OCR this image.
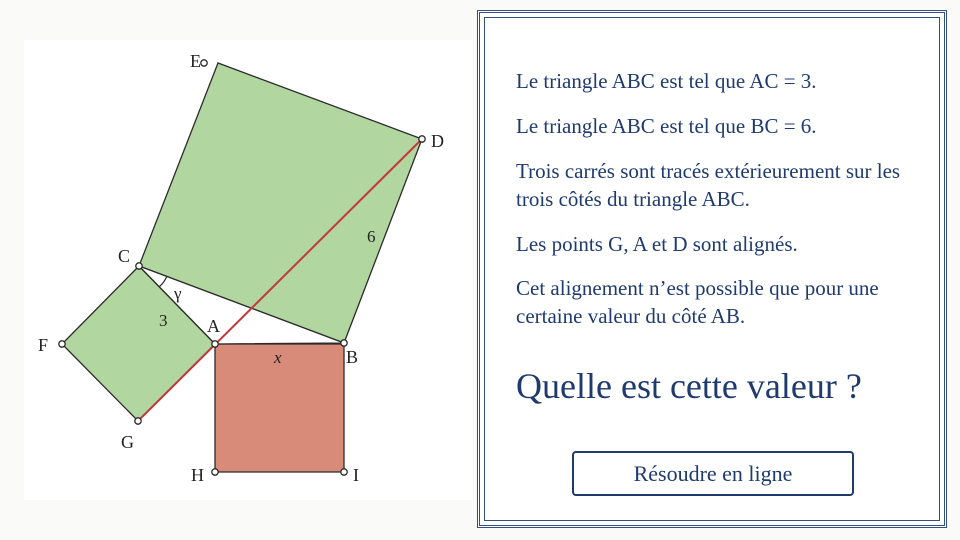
E
D
C
A
B
F
G
H	I
6
3
γ
x

Le triangle ABC est tel que AC = 3.

Le triangle ABC est tel que BC = 6.

Trois carrés sont tracés extérieurement sur les trois côtés du triangle ABC.

Les points G, A et D sont alignés.

Cet alignement n’est possible que pour une certaine valeur du côté AB.

Quelle est cette valeur ?
Résoudre en ligne
